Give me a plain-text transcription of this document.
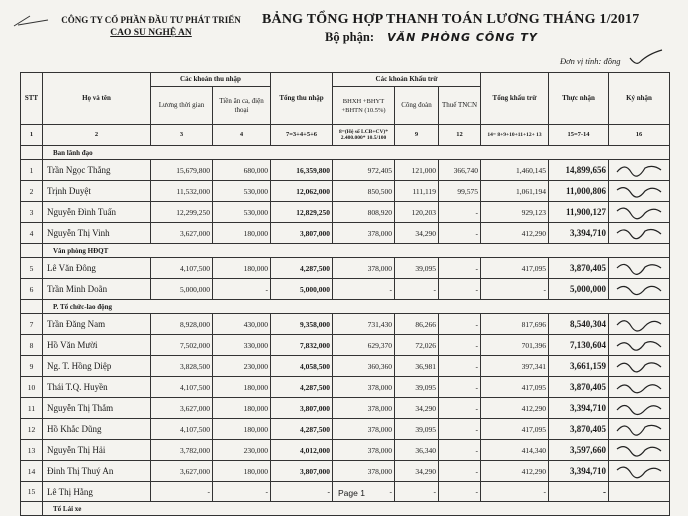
CÔNG TY CỔ PHẦN ĐẦU TƯ PHÁT TRIỂN
CAO SU NGHỆ AN
BẢNG TỔNG HỢP THANH TOÁN LƯƠNG THÁNG 1/2017
Bộ phận: VĂN PHÒNG CÔNG TY
Đơn vị tính: đồng
STT	Họ và tên	Các khoản thu nhập		Tổng thu nhập	Các khoản Khấu trừ			Tổng khấu trừ	Thực nhận	Ký nhận
		Lương thời gian	Tiền ăn ca, điện thoại		BHXH +BHYT +BHTN (10.5%)	Công đoàn	Thuế TNCN			
1	2	3	4	7=3+4+5+6	8=(Hệ số LCB+CV)* 2.400.000* 10.5/100	9	12	14= 8+9+10+11+12+ 13	15=7-14	16
	Ban lãnh đạo									
1	Trần Ngọc Thắng	15,679,800	680,000	16,359,800	972,405	121,000	366,740	1,460,145	14,899,656	
2	Trịnh Duyệt	11,532,000	530,000	12,062,000	850,500	111,119	99,575	1,061,194	11,000,806	
3	Nguyễn Đình Tuấn	12,299,250	530,000	12,829,250	808,920	120,203	-	929,123	11,900,127	
4	Nguyễn Thị Vinh	3,627,000	180,000	3,807,000	378,000	34,290	-	412,290	3,394,710	
	Văn phòng HĐQT									
5	Lê Văn Đông	4,107,500	180,000	4,287,500	378,000	39,095	-	417,095	3,870,405	
6	Trần Minh Doãn	5,000,000	-	5,000,000	-	-	-	-	5,000,000	
	P. Tổ chức-lao động									
7	Trần Đăng Nam	8,928,000	430,000	9,358,000	731,430	86,266	-	817,696	8,540,304	
8	Hồ Văn Mười	7,502,000	330,000	7,832,000	629,370	72,026	-	701,396	7,130,604	
9	Ng. T. Hồng Diệp	3,828,500	230,000	4,058,500	360,360	36,981	-	397,341	3,661,159	
10	Thái T.Q. Huyền	4,107,500	180,000	4,287,500	378,000	39,095	-	417,095	3,870,405	
11	Nguyễn Thị Thắm	3,627,000	180,000	3,807,000	378,000	34,290	-	412,290	3,394,710	
12	Hồ Khắc Dũng	4,107,500	180,000	4,287,500	378,000	39,095	-	417,095	3,870,405	
13	Nguyễn Thị Hải	3,782,000	230,000	4,012,000	378,000	36,340	-	414,340	3,597,660	
14	Đinh Thị Thuý An	3,627,000	180,000	3,807,000	378,000	34,290	-	412,290	3,394,710	
15	Lê Thị Hằng	-	-	-	-	-	-	-	-	
	Tổ Lái xe									
Page 1
